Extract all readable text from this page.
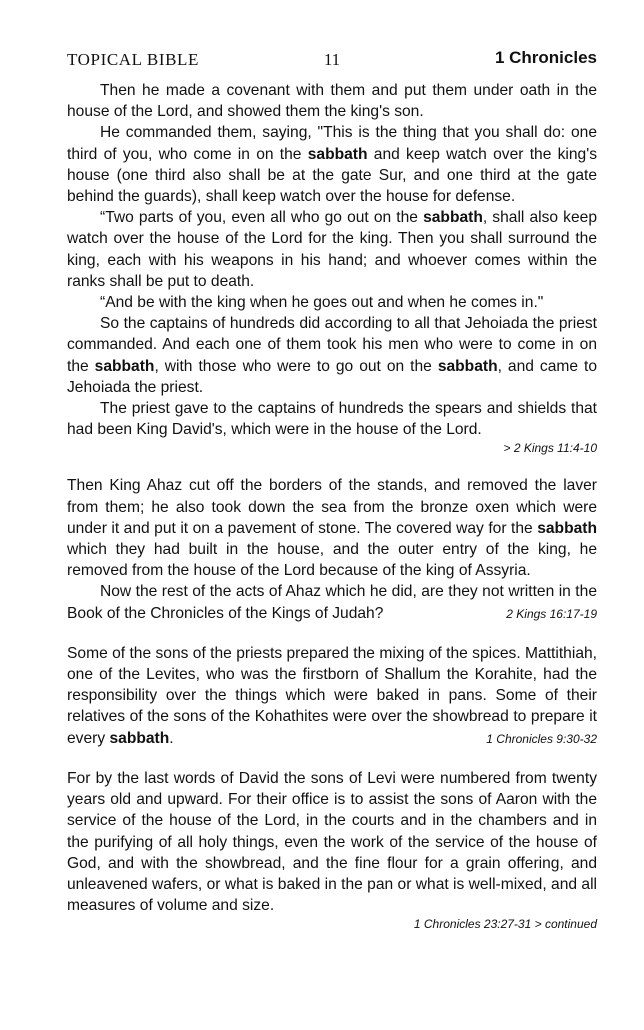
TOPICAL BIBLE	11	1 Chronicles

Then he made a covenant with them and put them under oath in the house of the Lord, and showed them the king's son.

He commanded them, saying, "This is the thing that you shall do: one third of you, who come in on the sabbath and keep watch over the king's house (one third also shall be at the gate Sur, and one third at the gate behind the guards), shall keep watch over the house for defense.

“Two parts of you, even all who go out on the sabbath, shall also keep watch over the house of the Lord for the king. Then you shall surround the king, each with his weapons in his hand; and whoever comes within the ranks shall be put to death.

“And be with the king when he goes out and when he comes in."

So the captains of hundreds did according to all that Jehoiada the priest commanded. And each one of them took his men who were to come in on the sabbath, with those who were to go out on the sabbath, and came to Jehoiada the priest.

The priest gave to the captains of hundreds the spears and shields that had been King David's, which were in the house of the Lord.

> 2 Kings 11:4-10

Then King Ahaz cut off the borders of the stands, and removed the laver from them; he also took down the sea from the bronze oxen which were under it and put it on a pavement of stone. The covered way for the sabbath which they had built in the house, and the outer entry of the king, he removed from the house of the Lord because of the king of Assyria.

Now the rest of the acts of Ahaz which he did, are they not written in the Book of the Chronicles of the Kings of Judah?	2 Kings 16:17-19

Some of the sons of the priests prepared the mixing of the spices. Mattithiah, one of the Levites, who was the firstborn of Shallum the Korahite, had the responsibility over the things which were baked in pans. Some of their relatives of the sons of the Kohathites were over the showbread to prepare it every sabbath.	1 Chronicles 9:30-32

For by the last words of David the sons of Levi were numbered from twenty years old and upward. For their office is to assist the sons of Aaron with the service of the house of the Lord, in the courts and in the chambers and in the purifying of all holy things, even the work of the service of the house of God, and with the showbread, and the fine flour for a grain offering, and unleavened wafers, or what is baked in the pan or what is well-mixed, and all measures of volume and size.

1 Chronicles 23:27-31 > continued
